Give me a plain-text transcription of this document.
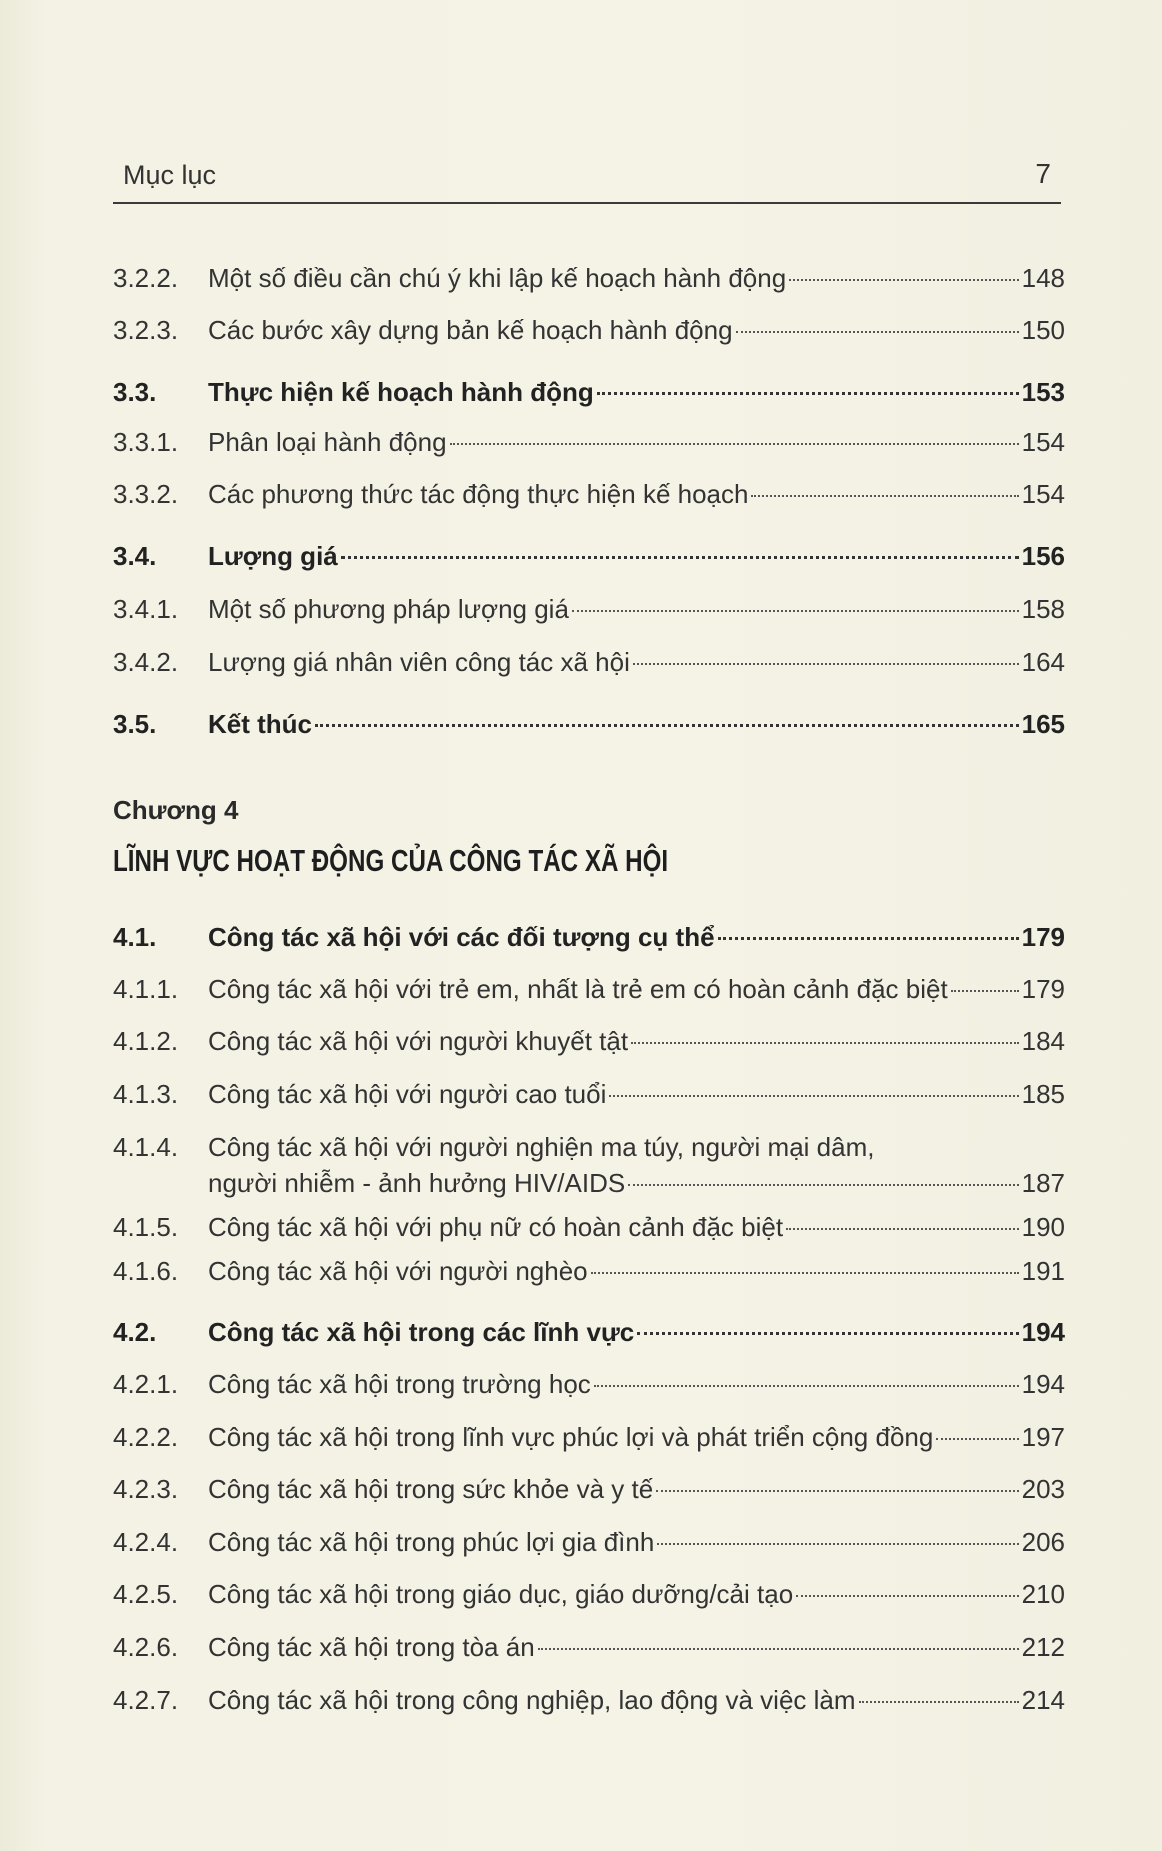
Mục lục	7
3.2.2. Một số điều cần chú ý khi lập kế hoạch hành động	148
3.2.3. Các bước xây dựng bản kế hoạch hành động	150
3.3. Thực hiện kế hoạch hành động	153
3.3.1. Phân loại hành động	154
3.3.2. Các phương thức tác động thực hiện kế hoạch	154
3.4. Lượng giá	156
3.4.1. Một số phương pháp lượng giá	158
3.4.2. Lượng giá nhân viên công tác xã hội	164
3.5. Kết thúc	165
Chương 4
LĨNH VỰC HOẠT ĐỘNG CỦA CÔNG TÁC XÃ HỘI
4.1. Công tác xã hội với các đối tượng cụ thể	179
4.1.1. Công tác xã hội với trẻ em, nhất là trẻ em có hoàn cảnh đặc biệt	179
4.1.2. Công tác xã hội với người khuyết tật	184
4.1.3. Công tác xã hội với người cao tuổi	185
4.1.4. Công tác xã hội với người nghiện ma túy, người mại dâm,
người nhiễm - ảnh hưởng HIV/AIDS	187
4.1.5. Công tác xã hội với phụ nữ có hoàn cảnh đặc biệt	190
4.1.6. Công tác xã hội với người nghèo	191
4.2. Công tác xã hội trong các lĩnh vực	194
4.2.1. Công tác xã hội trong trường học	194
4.2.2. Công tác xã hội trong lĩnh vực phúc lợi và phát triển cộng đồng	197
4.2.3. Công tác xã hội trong sức khỏe và y tế	203
4.2.4. Công tác xã hội trong phúc lợi gia đình	206
4.2.5. Công tác xã hội trong giáo dục, giáo dưỡng/cải tạo	210
4.2.6. Công tác xã hội trong tòa án	212
4.2.7. Công tác xã hội trong công nghiệp, lao động và việc làm	214
